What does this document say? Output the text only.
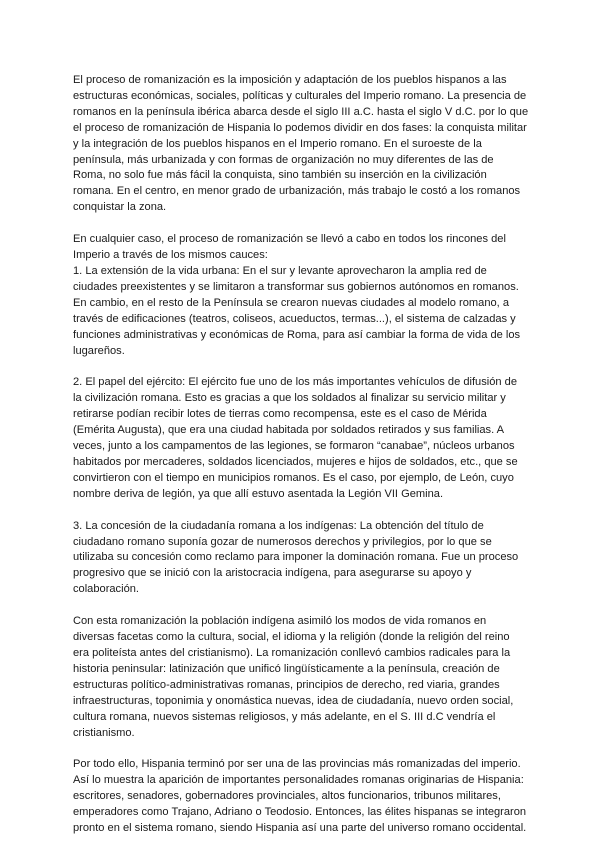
El proceso de romanización es la imposición y adaptación de los pueblos hispanos a las
estructuras económicas, sociales, políticas y culturales del Imperio romano. La presencia de
romanos en la península ibérica abarca desde el siglo III a.C. hasta el siglo V d.C. por lo que
el proceso de romanización de Hispania lo podemos dividir en dos fases: la conquista militar
y la integración de los pueblos hispanos en el Imperio romano. En el suroeste de la
península, más urbanizada y con formas de organización no muy diferentes de las de
Roma, no solo fue más fácil la conquista, sino también su inserción en la civilización
romana. En el centro, en menor grado de urbanización, más trabajo le costó a los romanos
conquistar la zona.

En cualquier caso, el proceso de romanización se llevó a cabo en todos los rincones del
Imperio a través de los mismos cauces:
1. La extensión de la vida urbana: En el sur y levante aprovecharon la amplia red de
ciudades preexistentes y se limitaron a transformar sus gobiernos autónomos en romanos.
En cambio, en el resto de la Península se crearon nuevas ciudades al modelo romano, a
través de edificaciones (teatros, coliseos, acueductos, termas...), el sistema de calzadas y
funciones administrativas y económicas de Roma, para así cambiar la forma de vida de los
lugareños.

2. El papel del ejército: El ejército fue uno de los más importantes vehículos de difusión de
la civilización romana. Esto es gracias a que los soldados al finalizar su servicio militar y
retirarse podían recibir lotes de tierras como recompensa, este es el caso de Mérida
(Emérita Augusta), que era una ciudad habitada por soldados retirados y sus familias. A
veces, junto a los campamentos de las legiones, se formaron “canabae”, núcleos urbanos
habitados por mercaderes, soldados licenciados, mujeres e hijos de soldados, etc., que se
convirtieron con el tiempo en municipios romanos. Es el caso, por ejemplo, de León, cuyo
nombre deriva de legión, ya que allí estuvo asentada la Legión VII Gemina.

3. La concesión de la ciudadanía romana a los indígenas: La obtención del título de
ciudadano romano suponía gozar de numerosos derechos y privilegios, por lo que se
utilizaba su concesión como reclamo para imponer la dominación romana. Fue un proceso
progresivo que se inició con la aristocracia indígena, para asegurarse su apoyo y
colaboración.

Con esta romanización la población indígena asimiló los modos de vida romanos en
diversas facetas como la cultura, social, el idioma y la religión (donde la religión del reino
era politeísta antes del cristianismo). La romanización conllevó cambios radicales para la
historia peninsular: latinización que unificó lingüísticamente a la península, creación de
estructuras político-administrativas romanas, principios de derecho, red viaria, grandes
infraestructuras, toponimia y onomástica nuevas, idea de ciudadanía, nuevo orden social,
cultura romana, nuevos sistemas religiosos, y más adelante, en el S. III d.C vendría el
cristianismo.

Por todo ello, Hispania terminó por ser una de las provincias más romanizadas del imperio.
Así lo muestra la aparición de importantes personalidades romanas originarias de Hispania:
escritores, senadores, gobernadores provinciales, altos funcionarios, tribunos militares,
emperadores como Trajano, Adriano o Teodosio. Entonces, las élites hispanas se integraron
pronto en el sistema romano, siendo Hispania así una parte del universo romano occidental.
